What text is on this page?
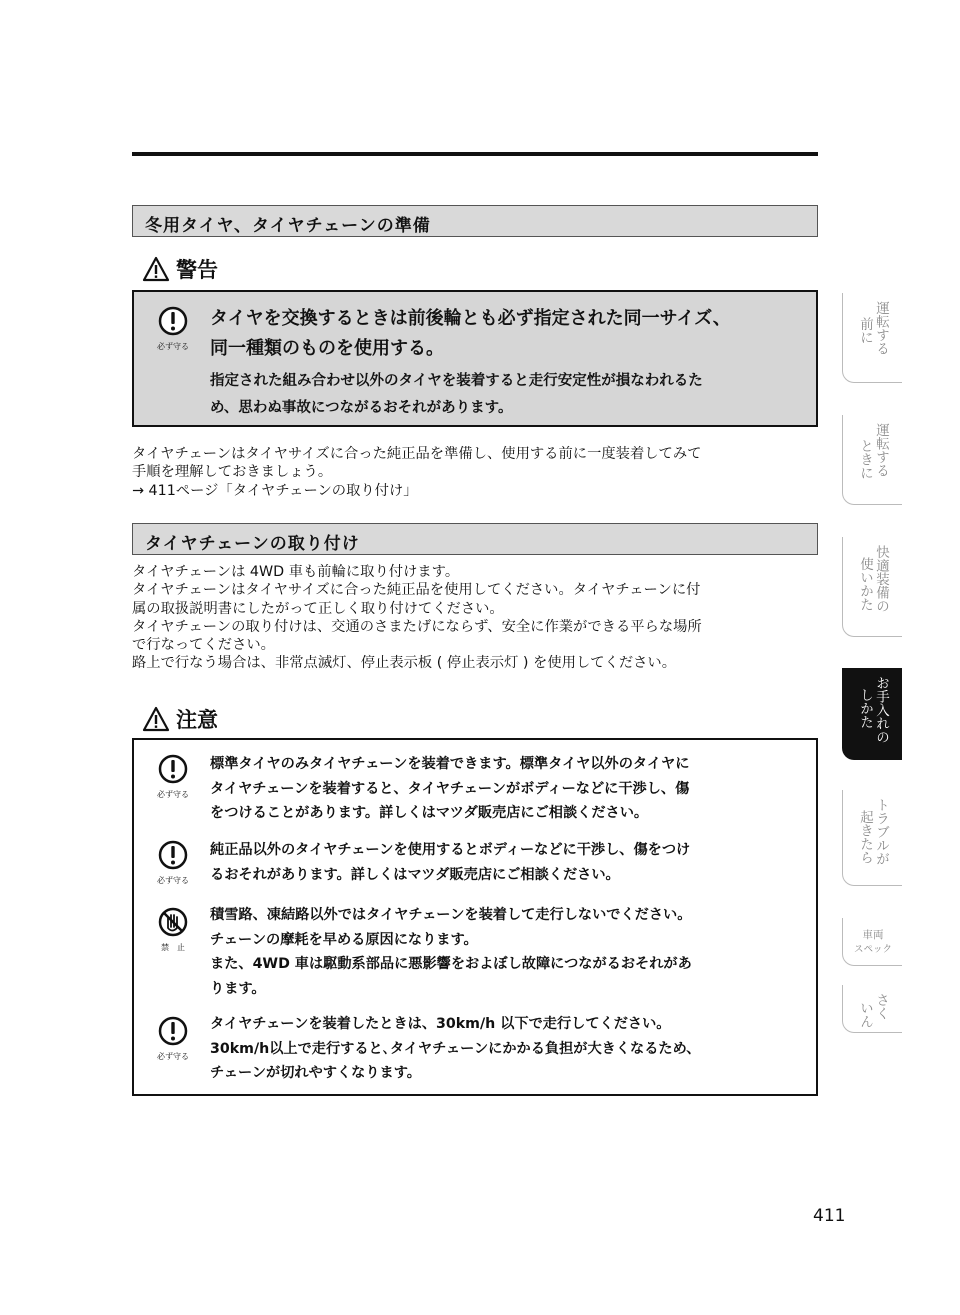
冬用タイヤ、タイヤチェーンの準備
警告
必ず守る
タイヤを交換するときは前後輪とも必ず指定された同一サイズ、
同一種類のものを使用する。
指定された組み合わせ以外のタイヤを装着すると走行安定性が損なわれるた
め、思わぬ事故につながるおそれがあります。
タイヤチェーンはタイヤサイズに合った純正品を準備し、使用する前に一度装着してみて
手順を理解しておきましょう。
→ 411ページ「タイヤチェーンの取り付け」
タイヤチェーンの取り付け
タイヤチェーンは 4WD 車も前輪に取り付けます。
タイヤチェーンはタイヤサイズに合った純正品を使用してください。タイヤチェーンに付
属の取扱説明書にしたがって正しく取り付けてください。
タイヤチェーンの取り付けは、交通のさまたげにならず、安全に作業ができる平らな場所
で行なってください。
路上で行なう場合は、非常点滅灯、停止表示板 ( 停止表示灯 ) を使用してください。
注意
必ず守る
標準タイヤのみタイヤチェーンを装着できます。標準タイヤ以外のタイヤに
タイヤチェーンを装着すると、タイヤチェーンがボディーなどに干渉し、傷
をつけることがあります。詳しくはマツダ販売店にご相談ください。
必ず守る
純正品以外のタイヤチェーンを使用するとボディーなどに干渉し、傷をつけ
るおそれがあります。詳しくはマツダ販売店にご相談ください。
禁　止
積雪路、凍結路以外ではタイヤチェーンを装着して走行しないでください。
チェーンの摩耗を早める原因になります。
また、4WD 車は駆動系部品に悪影響をおよぼし故障につながるおそれがあ
ります。
必ず守る
タイヤチェーンを装着したときは、30km/h 以下で走行してください。
30km/h以上で走行すると､タイヤチェーンにかかる負担が大きくなるため、
チェーンが切れやすくなります。
運転する
前に
運転する
ときに
快適装備の
使いかた
お手入れの
しかた
トラブルが
起きたら
車両
スペック
さく
いん
411
